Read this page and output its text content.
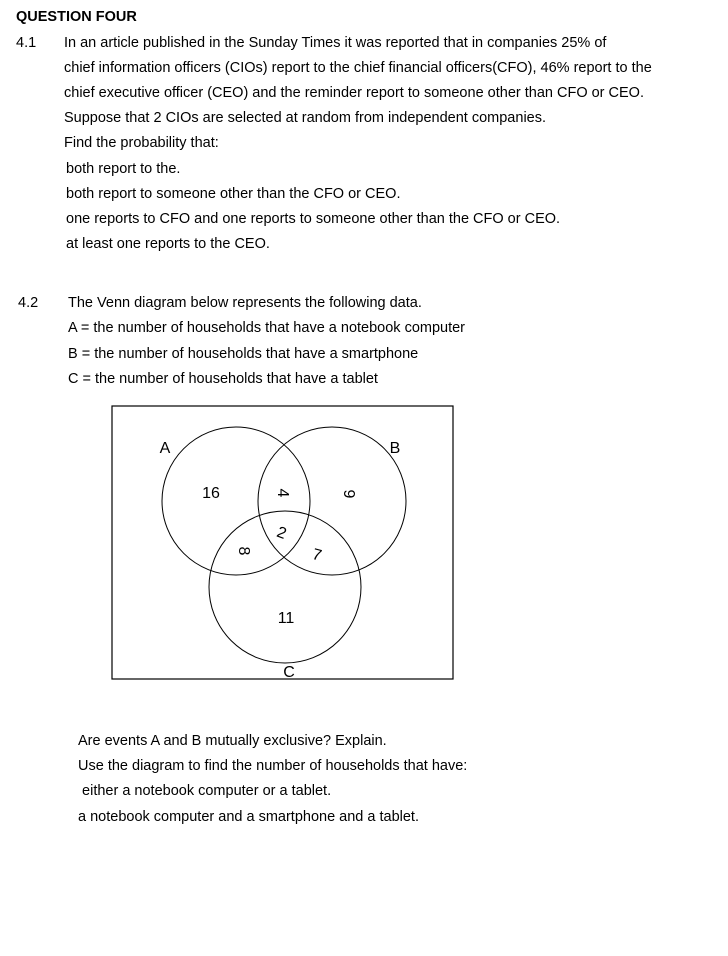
QUESTION FOUR
4.1 In an article published in the Sunday Times it was reported that in companies 25% of
chief information officers (CIOs) report to the chief financial officers(CFO), 46% report to the
chief executive officer (CEO) and the reminder report to someone other than CFO or CEO.
Suppose that 2 CIOs are selected at random from independent companies.
Find the probability that:
both report to the.
both report to someone other than the CFO or CEO.
one reports to CFO and one reports to someone other than the CFO or CEO.
at least one reports to the CEO.
4.2 The Venn diagram below represents the following data.
A = the number of households that have a notebook computer
B = the number of households that have a smartphone
C = the number of households that have a tablet
A	B
C
16	4	9
2
8	7
11
Are events A and B mutually exclusive? Explain.
Use the diagram to find the number of households that have:
either a notebook computer or a tablet.
a notebook computer and a smartphone and a tablet.
